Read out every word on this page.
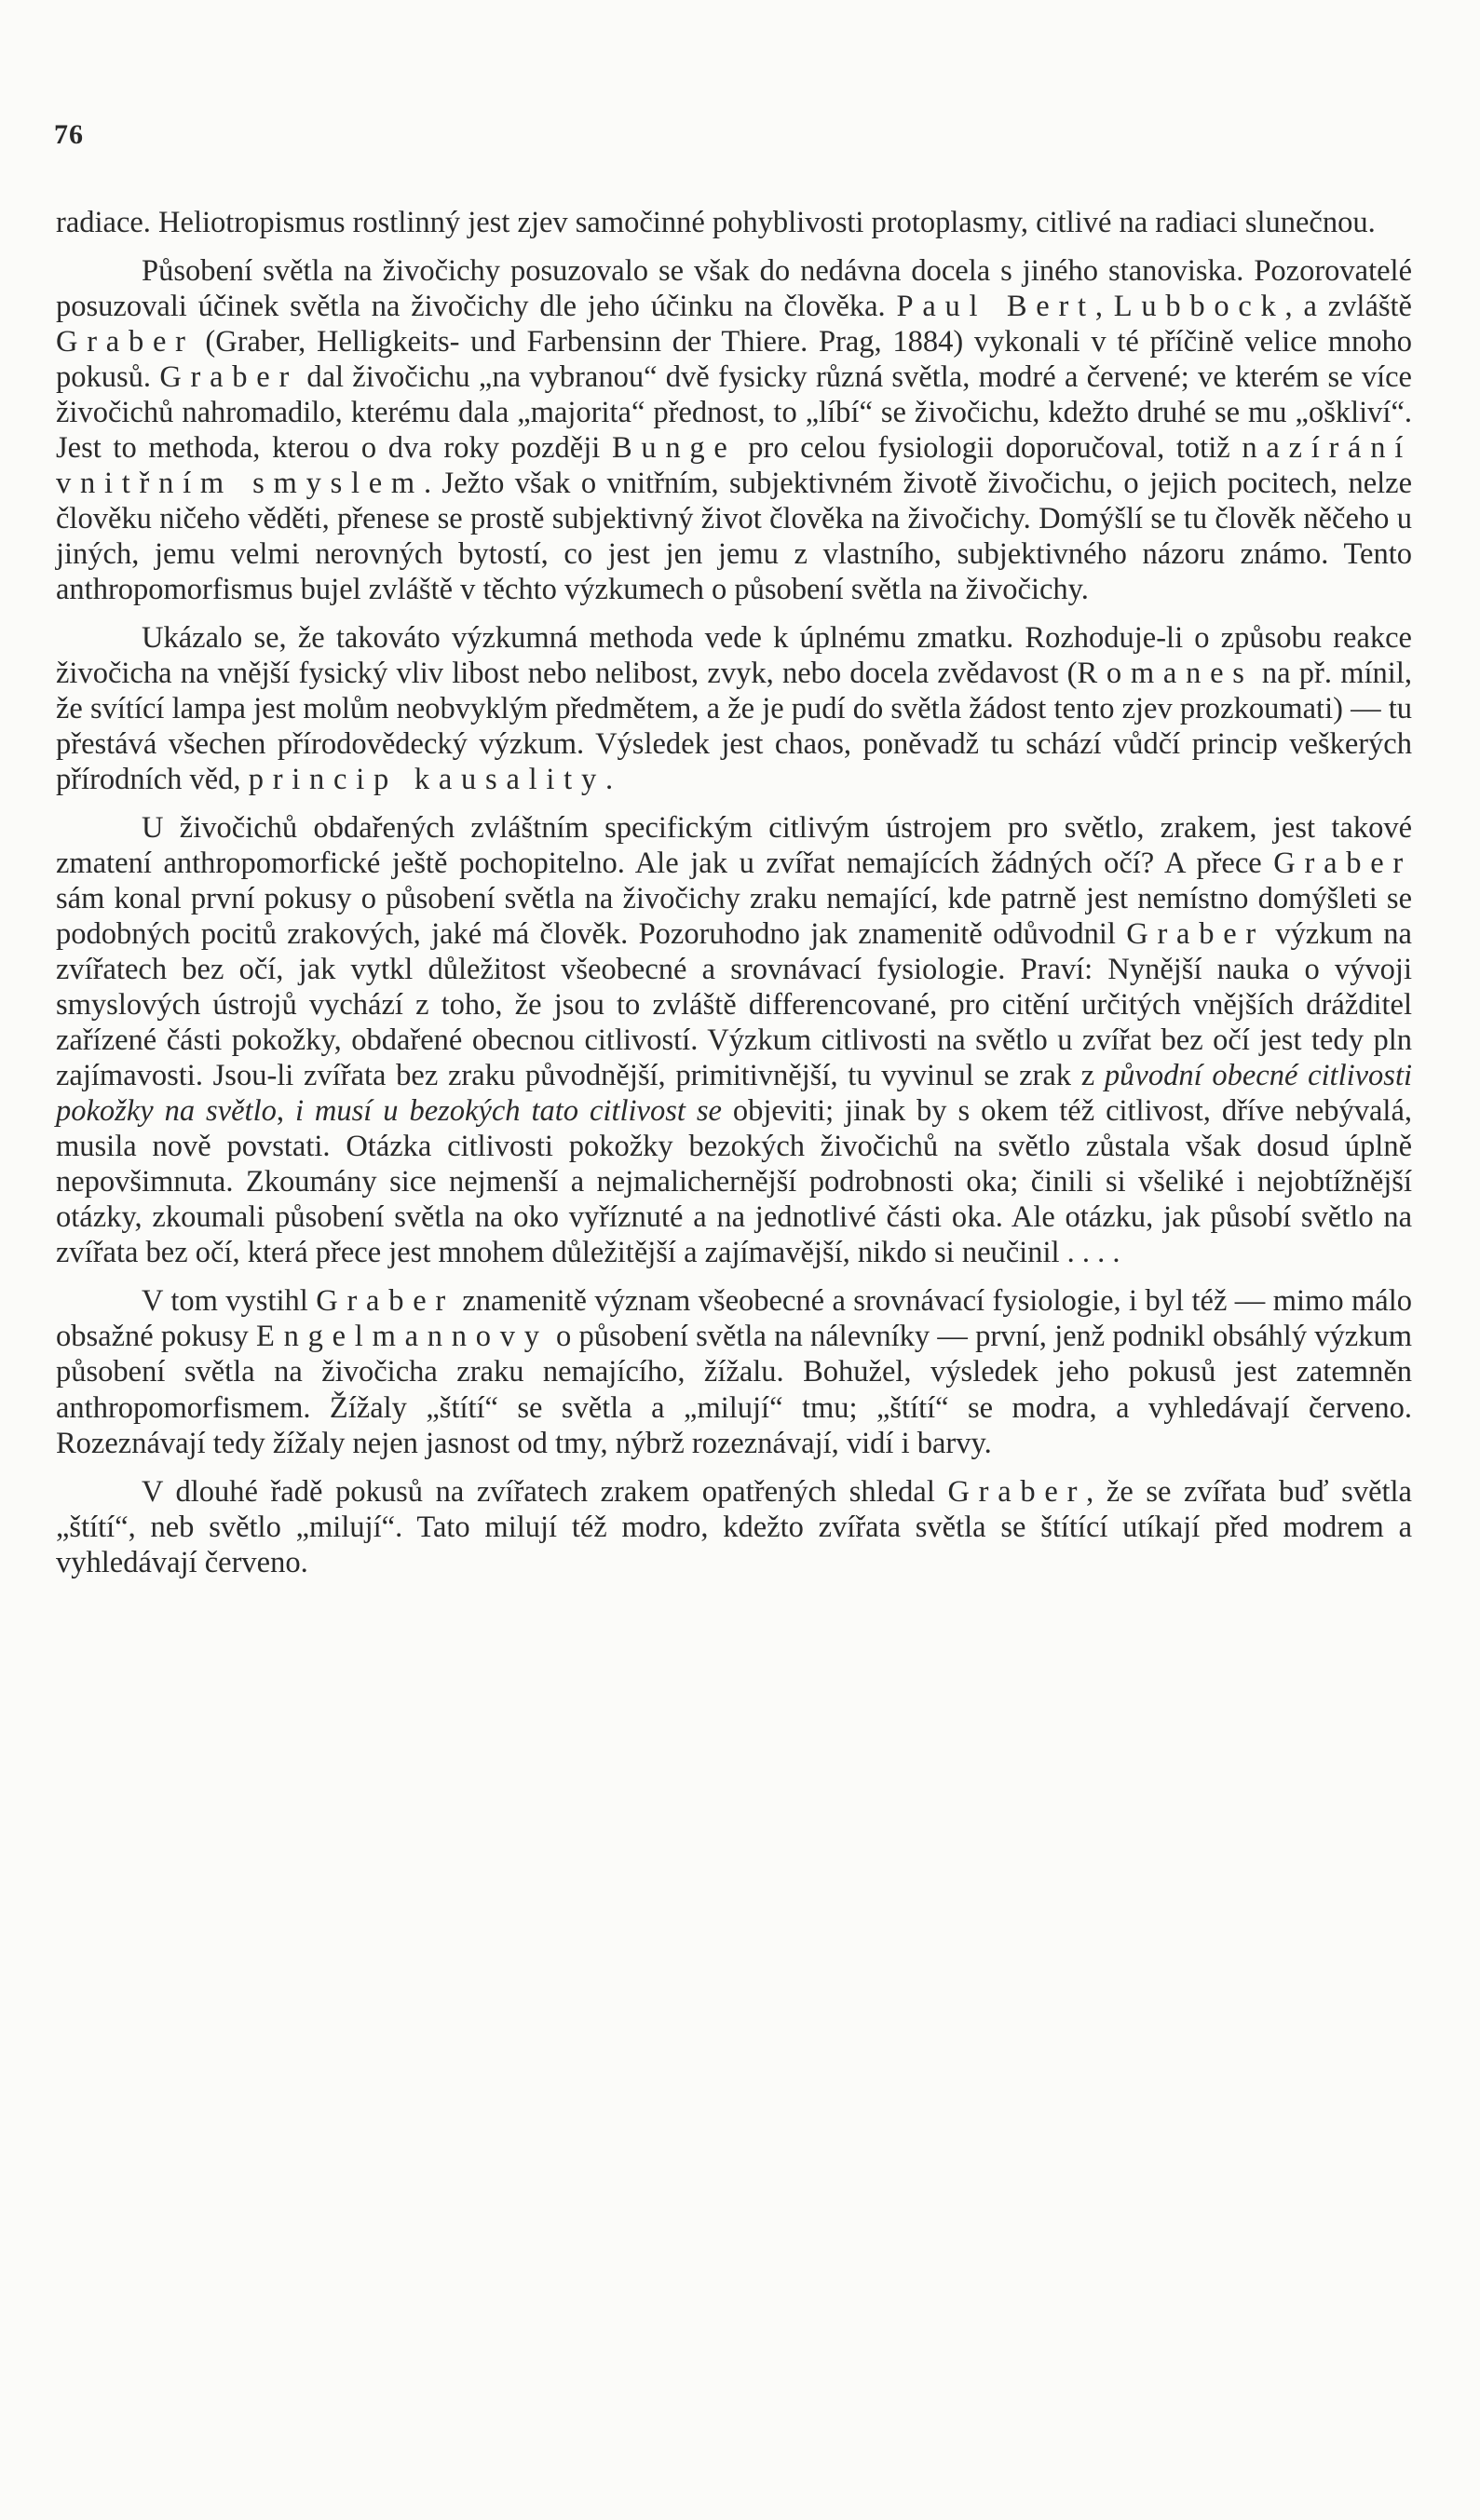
76

radiace. Heliotropismus rostlinný jest zjev samočinné pohyblivosti protoplasmy, citlivé na radiaci slunečnou.

Působení světla na živočichy posuzovalo se však do nedávna docela s jiného stanoviska. Pozorovatelé posuzovali účinek světla na živočichy dle jeho účinku na člověka. Paul Bert, Lubbock, a zvláště Graber (Graber, Helligkeits- und Farbensinn der Thiere. Prag, 1884) vykonali v té příčině velice mnoho pokusů. Graber dal živočichu „na vybranou“ dvě fysicky různá světla, modré a červené; ve kterém se více živočichů nahromadilo, kterému dala „majorita“ přednost, to „líbí“ se živočichu, kdežto druhé se mu „oškliví“. Jest to methoda, kterou o dva roky později Bunge pro celou fysiologii doporučoval, totiž nazírání vnitřním smyslem. Ježto však o vnitřním, subjektivném životě živočichu, o jejich pocitech, nelze člověku ničeho věděti, přenese se prostě subjektivný život člověka na živočichy. Domýšlí se tu člověk něčeho u jiných, jemu velmi nerovných bytostí, co jest jen jemu z vlastního, subjektivného názoru známo. Tento anthropomorfismus bujel zvláště v těchto výzkumech o působení světla na živočichy.

Ukázalo se, že takováto výzkumná methoda vede k úplnému zmatku. Rozhoduje-li o způsobu reakce živočicha na vnější fysický vliv libost nebo nelibost, zvyk, nebo docela zvědavost (Romanes na př. mínil, že svítící lampa jest molům neobvyklým předmětem, a že je pudí do světla žádost tento zjev prozkoumati) — tu přestává všechen přírodovědecký výzkum. Výsledek jest chaos, poněvadž tu schází vůdčí princip veškerých přírodních věd, princip kausality.

U živočichů obdařených zvláštním specifickým citlivým ústrojem pro světlo, zrakem, jest takové zmatení anthropomorfické ještě pochopitelno. Ale jak u zvířat nemajících žádných očí? A přece Graber sám konal první pokusy o působení světla na živočichy zraku nemající, kde patrně jest nemístno domýšleti se podobných pocitů zrakových, jaké má člověk. Pozoruhodno jak znamenitě odůvodnil Graber výzkum na zvířatech bez očí, jak vytkl důležitost všeobecné a srovnávací fysiologie. Praví: Nynější nauka o vývoji smyslových ústrojů vychází z toho, že jsou to zvláště differencované, pro citění určitých vnějších drážditel zařízené části pokožky, obdařené obecnou citlivostí. Výzkum citlivosti na světlo u zvířat bez očí jest tedy pln zajímavosti. Jsou-li zvířata bez zraku původnější, primitivnější, tu vyvinul se zrak z původní obecné citlivosti pokožky na světlo, i musí u bezokých tato citlivost se objeviti; jinak by s okem též citlivost, dříve nebývalá, musila nově povstati. Otázka citlivosti pokožky bezokých živočichů na světlo zůstala však dosud úplně nepovšimnuta. Zkoumány sice nejmenší a nejmalichernější podrobnosti oka; činili si všeliké i nejobtížnější otázky, zkoumali působení světla na oko vyříznuté a na jednotlivé části oka. Ale otázku, jak působí světlo na zvířata bez očí, která přece jest mnohem důležitější a zajímavější, nikdo si neučinil . . . .

V tom vystihl Graber znamenitě význam všeobecné a srovnávací fysiologie, i byl též — mimo málo obsažné pokusy Engelmannovy o působení světla na nálevníky — první, jenž podnikl obsáhlý výzkum působení světla na živočicha zraku nemajícího, žížalu. Bohužel, výsledek jeho pokusů jest zatemněn anthropomorfismem. Žížaly „štítí“ se světla a „milují“ tmu; „štítí“ se modra, a vyhledávají červeno. Rozeznávají tedy žížaly nejen jasnost od tmy, nýbrž rozeznávají, vidí i barvy.

V dlouhé řadě pokusů na zvířatech zrakem opatřených shledal Graber, že se zvířata buď světla „štítí“, neb světlo „milují“. Tato milují též modro, kdežto zvířata světla se štítící utíkají před modrem a vyhledávají červeno.
